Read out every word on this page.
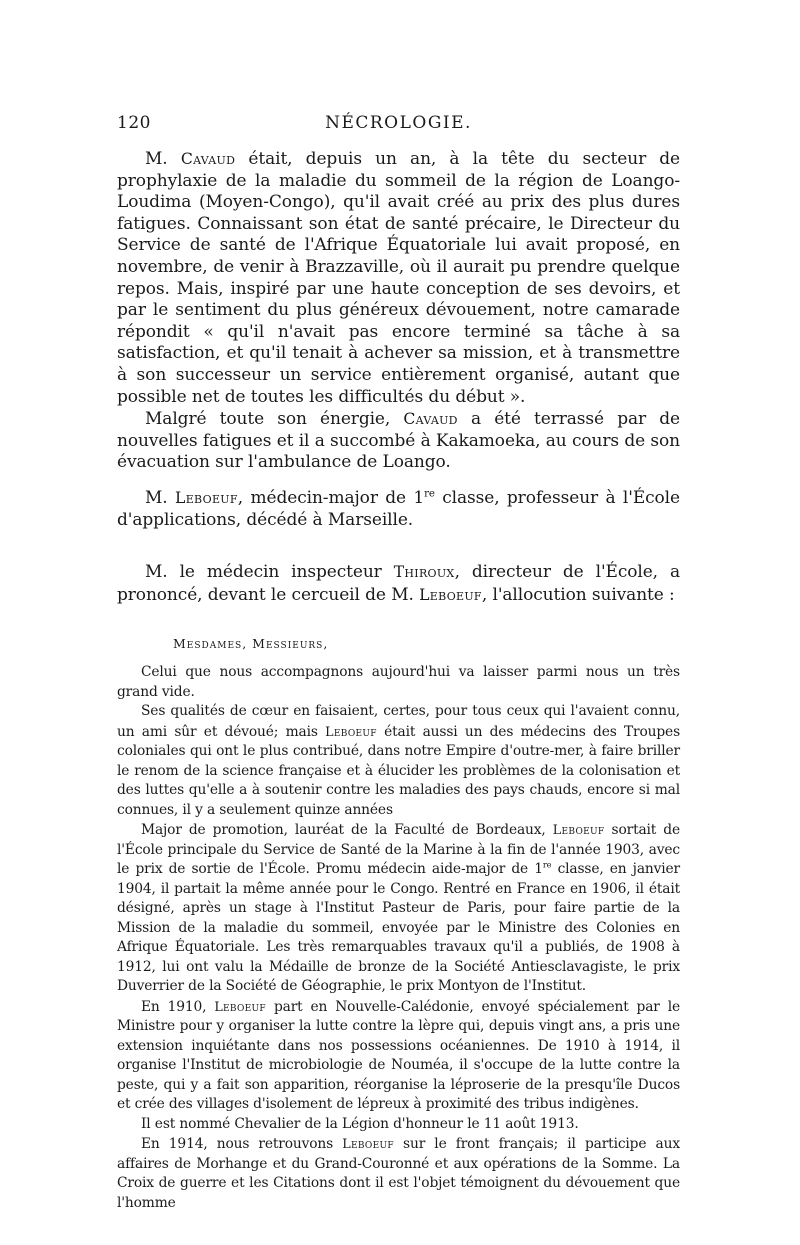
120	NÉCROLOGIE.

M. Cavaud était, depuis un an, à la tête du secteur de prophylaxie de la maladie du sommeil de la région de Loango-Loudima (Moyen-Congo), qu'il avait créé au prix des plus dures fatigues. Connaissant son état de santé précaire, le Directeur du Service de santé de l'Afrique Équatoriale lui avait proposé, en novembre, de venir à Brazzaville, où il aurait pu prendre quelque repos. Mais, inspiré par une haute conception de ses devoirs, et par le sentiment du plus généreux dévouement, notre camarade répondit « qu'il n'avait pas encore terminé sa tâche à sa satisfaction, et qu'il tenait à achever sa mission, et à transmettre à son successeur un service entièrement organisé, autant que possible net de toutes les difficultés du début ».

Malgré toute son énergie, Cavaud a été terrassé par de nouvelles fatigues et il a succombé à Kakamoeka, au cours de son évacuation sur l'ambulance de Loango.

M. Leboeuf, médecin-major de 1re classe, professeur à l'École d'applications, décédé à Marseille.

M. le médecin inspecteur Thiroux, directeur de l'École, a prononcé, devant le cercueil de M. Leboeuf, l'allocution suivante :

Mesdames, Messieurs,

Celui que nous accompagnons aujourd'hui va laisser parmi nous un très grand vide.

Ses qualités de cœur en faisaient, certes, pour tous ceux qui l'avaient connu, un ami sûr et dévoué; mais Leboeuf était aussi un des médecins des Troupes coloniales qui ont le plus contribué, dans notre Empire d'outre-mer, à faire briller le renom de la science française et à élucider les problèmes de la colonisation et des luttes qu'elle a à soutenir contre les maladies des pays chauds, encore si mal connues, il y a seulement quinze années

Major de promotion, lauréat de la Faculté de Bordeaux, Leboeuf sortait de l'École principale du Service de Santé de la Marine à la fin de l'année 1903, avec le prix de sortie de l'École. Promu médecin aide-major de 1re classe, en janvier 1904, il partait la même année pour le Congo. Rentré en France en 1906, il était désigné, après un stage à l'Institut Pasteur de Paris, pour faire partie de la Mission de la maladie du sommeil, envoyée par le Ministre des Colonies en Afrique Équatoriale. Les très remarquables travaux qu'il a publiés, de 1908 à 1912, lui ont valu la Médaille de bronze de la Société Antiesclavagiste, le prix Duverrier de la Société de Géographie, le prix Montyon de l'Institut.

En 1910, Leboeuf part en Nouvelle-Calédonie, envoyé spécialement par le Ministre pour y organiser la lutte contre la lèpre qui, depuis vingt ans, a pris une extension inquiétante dans nos possessions océaniennes. De 1910 à 1914, il organise l'Institut de microbiologie de Nouméa, il s'occupe de la lutte contre la peste, qui y a fait son apparition, réorganise la léproserie de la presqu'île Ducos et crée des villages d'isolement de lépreux à proximité des tribus indigènes.

Il est nommé Chevalier de la Légion d'honneur le 11 août 1913.

En 1914, nous retrouvons Leboeuf sur le front français; il participe aux affaires de Morhange et du Grand-Couronné et aux opérations de la Somme. La Croix de guerre et les Citations dont il est l'objet témoignent du dévouement que l'homme
